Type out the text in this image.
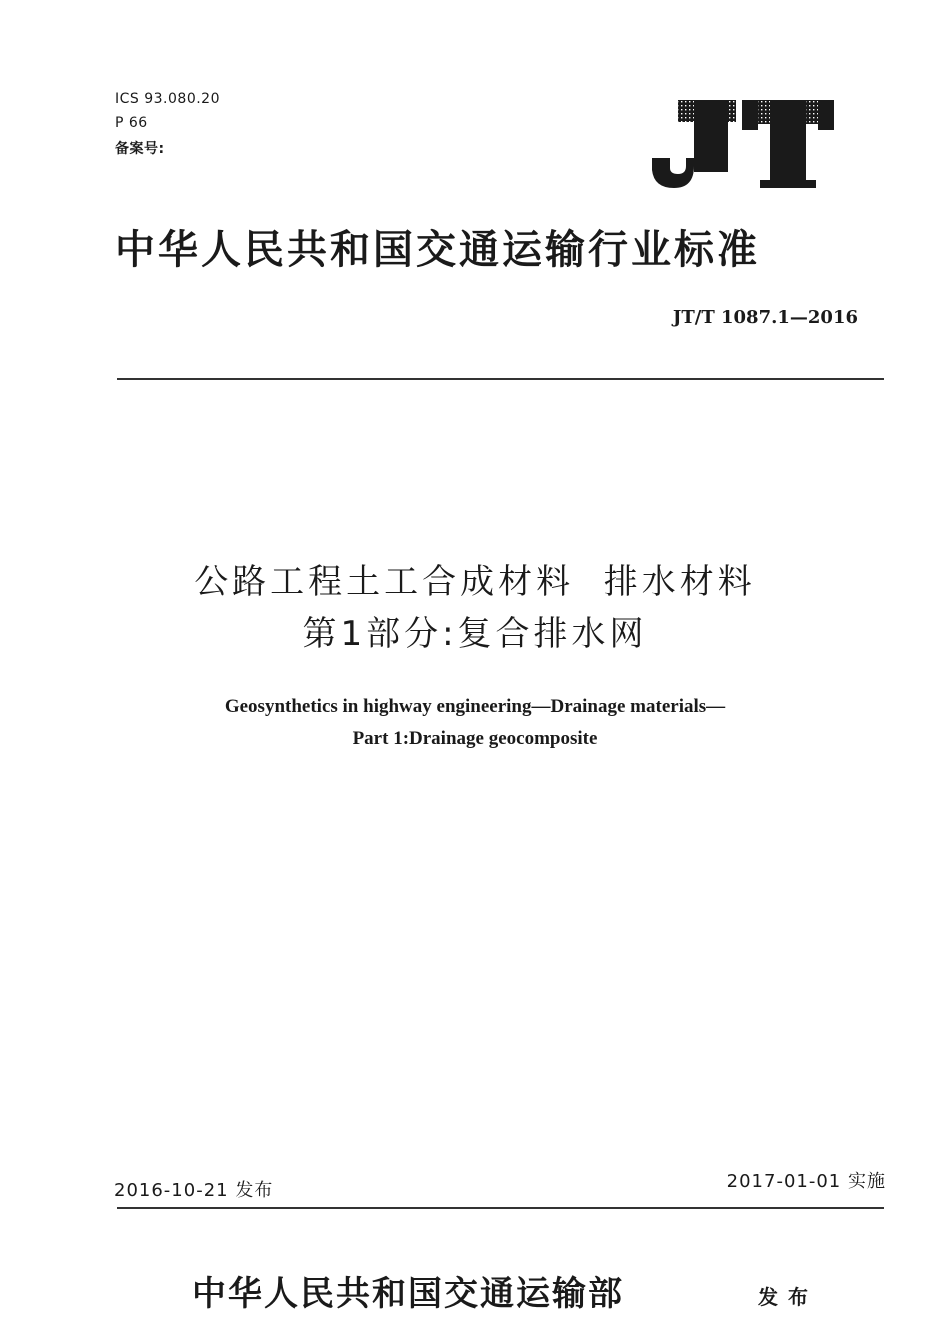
ICS 93.080.20
P 66
备案号:
中华人民共和国交通运输行业标准
JT/T 1087.1—2016
公路工程土工合成材料  排水材料
第1部分:复合排水网
Geosynthetics in highway engineering—Drainage materials—
Part 1:Drainage geocomposite
2016-10-21 发布	2017-01-01 实施
中华人民共和国交通运输部	发布
